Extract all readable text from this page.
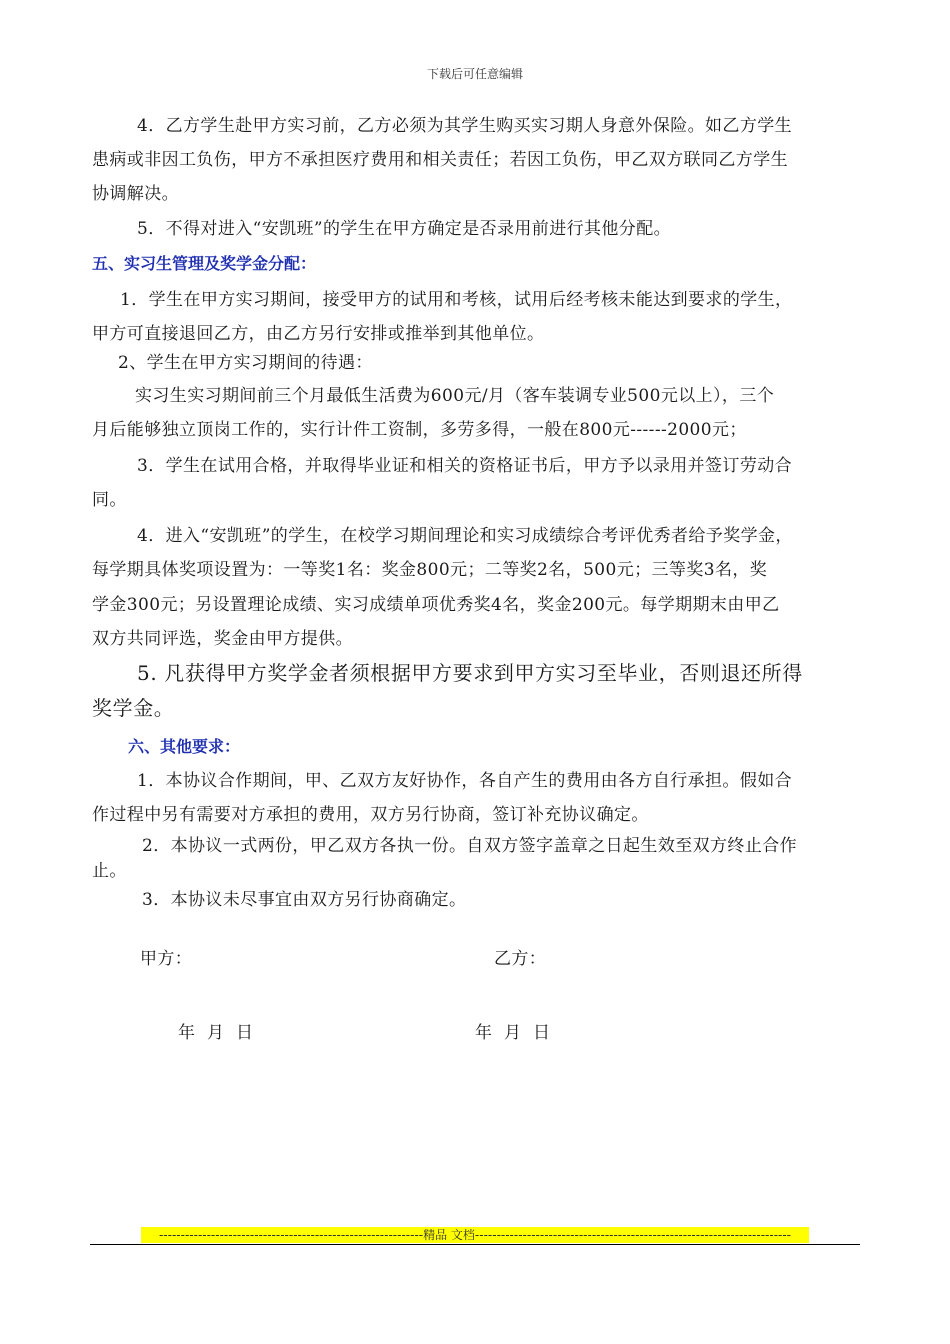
下载后可任意编辑
4．乙方学生赴甲方实习前，乙方必须为其学生购买实习期人身意外保险。如乙方学生
患病或非因工负伤，甲方不承担医疗费用和相关责任；若因工负伤，甲乙双方联同乙方学生
协调解决。
5．不得对进入“安凯班”的学生在甲方确定是否录用前进行其他分配。
五、实习生管理及奖学金分配：
1．学生在甲方实习期间，接受甲方的试用和考核，试用后经考核未能达到要求的学生，
甲方可直接退回乙方，由乙方另行安排或推举到其他单位。
2、学生在甲方实习期间的待遇：
实习生实习期间前三个月最低生活费为600元/月（客车装调专业500元以上），三个
月后能够独立顶岗工作的，实行计件工资制，多劳多得，一般在800元------2000元；
3．学生在试用合格，并取得毕业证和相关的资格证书后，甲方予以录用并签订劳动合
同。
4．进入“安凯班”的学生，在校学习期间理论和实习成绩综合考评优秀者给予奖学金，
每学期具体奖项设置为：一等奖1名：奖金800元；二等奖2名，500元；三等奖3名，奖
学金300元；另设置理论成绩、实习成绩单项优秀奖4名，奖金200元。每学期期末由甲乙
双方共同评选，奖金由甲方提供。
5. 凡获得甲方奖学金者须根据甲方要求到甲方实习至毕业，否则退还所得
奖学金。
六、其他要求：
1．本协议合作期间，甲、乙双方友好协作，各自产生的费用由各方自行承担。假如合
作过程中另有需要对方承担的费用，双方另行协商，签订补充协议确定。
2．本协议一式两份，甲乙双方各执一份。自双方签字盖章之日起生效至双方终止合作
止。
3．本协议未尽事宜由双方另行协商确定。
甲方：	乙方：
年  月  日	年  月  日
-------------------------------------------------------------精品 文档-------------------------------------------------------------------------
